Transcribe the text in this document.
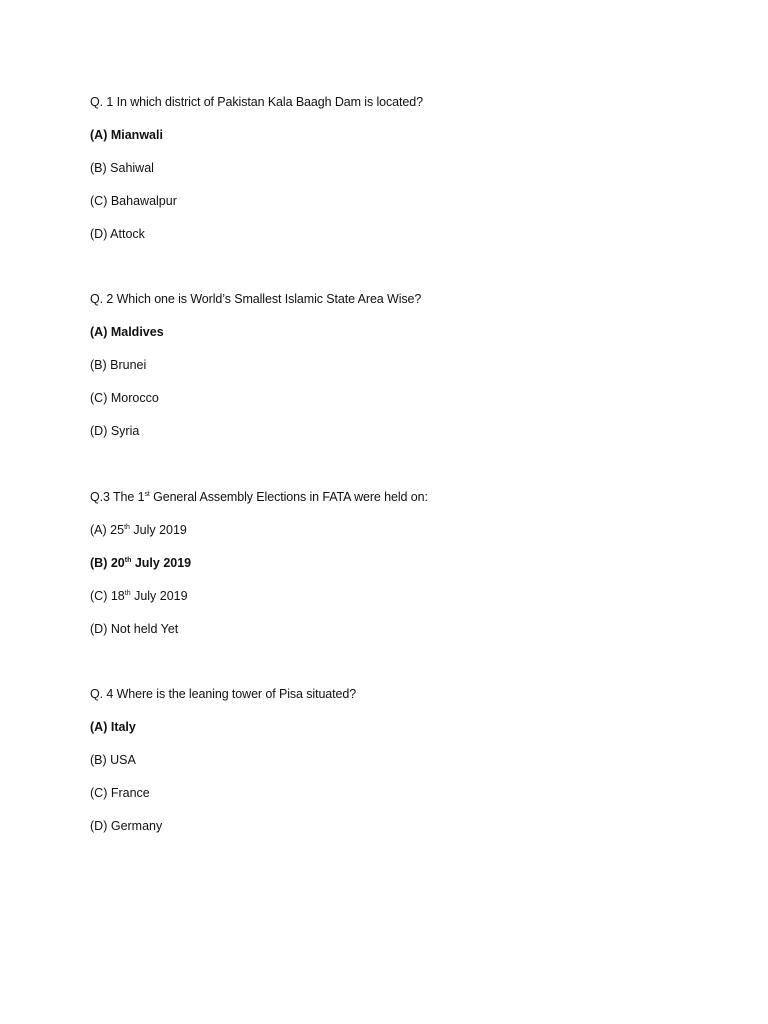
Q. 1 In which district of Pakistan Kala Baagh Dam is located?
(A) Mianwali
(B) Sahiwal
(C) Bahawalpur
(D) Attock
Q. 2 Which one is World’s Smallest Islamic State Area Wise?
(A) Maldives
(B) Brunei
(C) Morocco
(D) Syria
Q.3 The 1st General Assembly Elections in FATA were held on:
(A) 25th July 2019
(B) 20th July 2019
(C) 18th July 2019
(D) Not held Yet
Q. 4 Where is the leaning tower of Pisa situated?
(A) Italy
(B) USA
(C) France
(D) Germany
